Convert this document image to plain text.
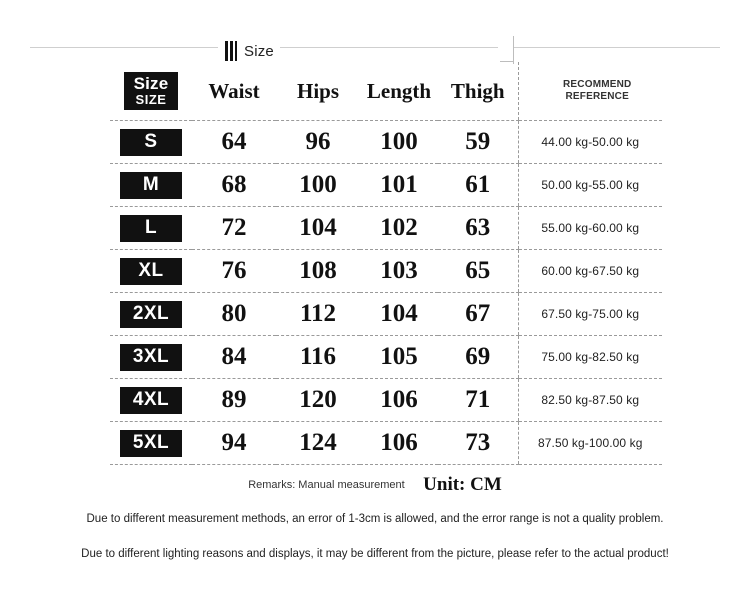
Size
Size
SIZE	Waist	Hips	Length	Thigh	RECOMMEND
REFERENCE
S	64	96	100	59	44.00 kg-50.00 kg
M	68	100	101	61	50.00 kg-55.00 kg
L	72	104	102	63	55.00 kg-60.00 kg
XL	76	108	103	65	60.00 kg-67.50 kg
2XL	80	112	104	67	67.50 kg-75.00 kg
3XL	84	116	105	69	75.00 kg-82.50 kg
4XL	89	120	106	71	82.50 kg-87.50 kg
5XL	94	124	106	73	87.50 kg-100.00 kg
Remarks: Manual measurement Unit: CM
Due to different measurement methods, an error of 1-3cm is allowed, and the error range is not a quality problem.
Due to different lighting reasons and displays, it may be different from the picture, please refer to the actual product!
